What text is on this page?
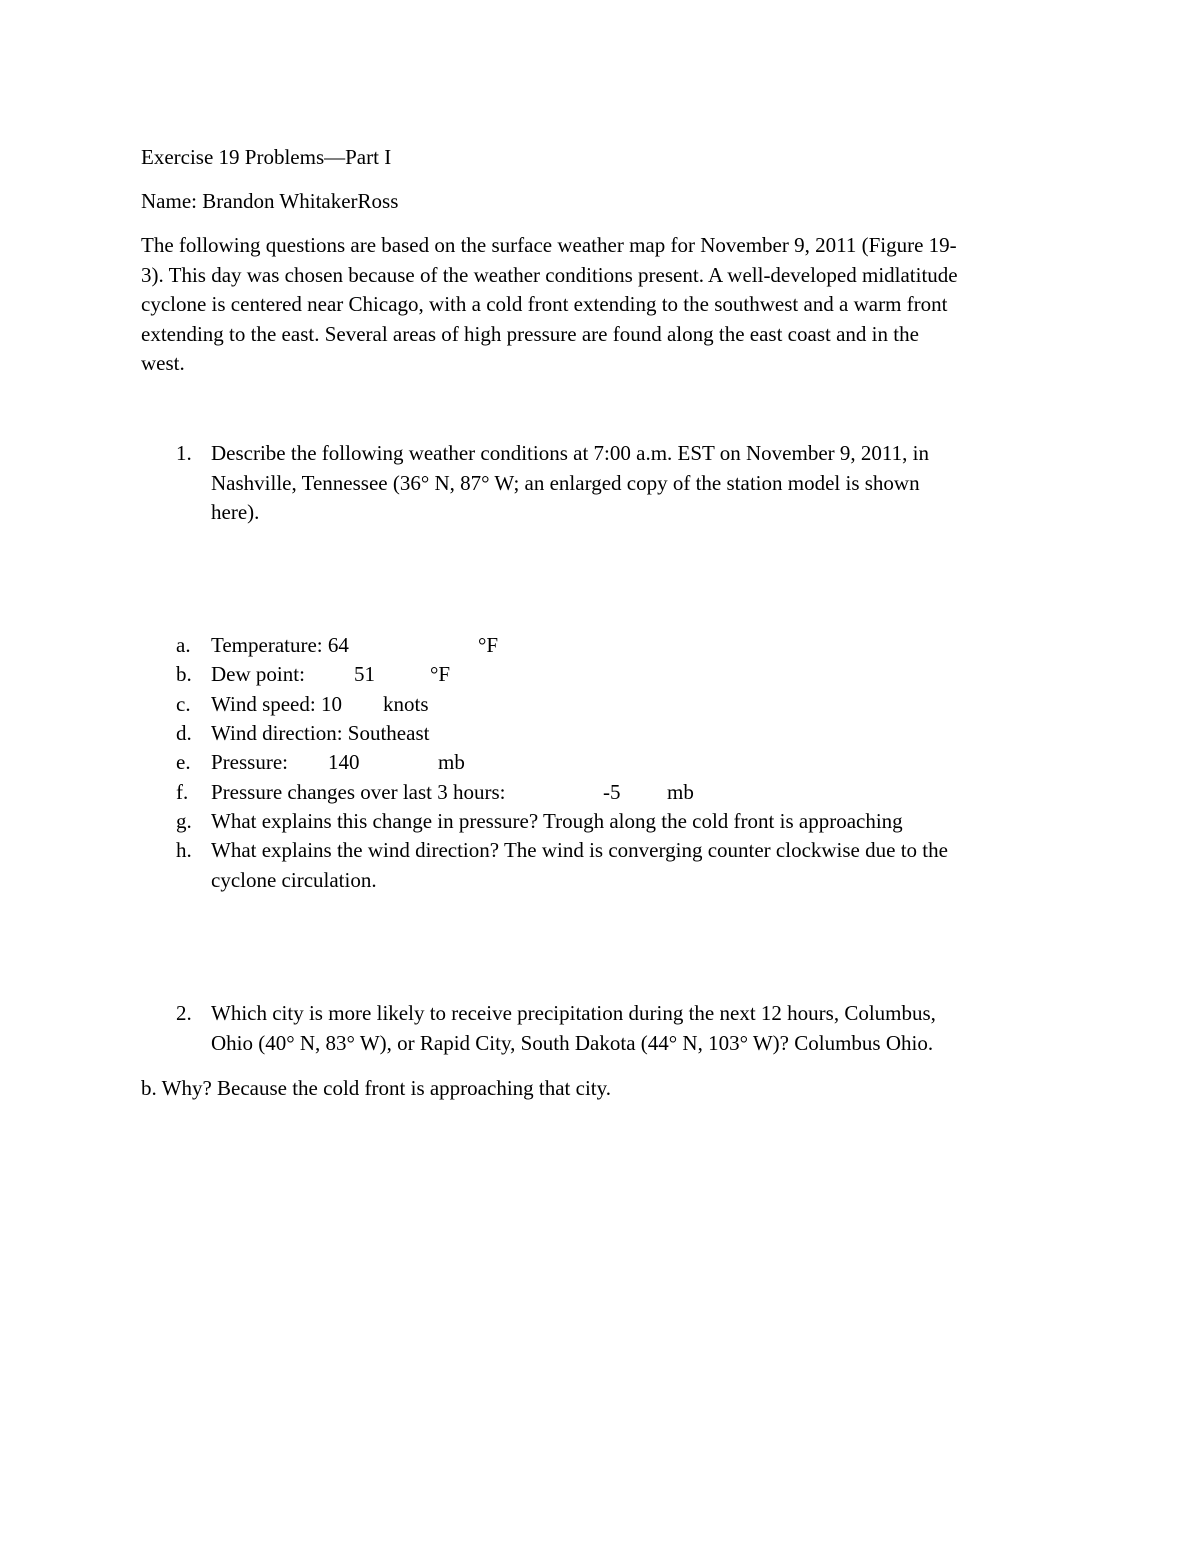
Exercise 19 Problems—Part I
Name: Brandon WhitakerRoss
The following questions are based on the surface weather map for November 9, 2011 (Figure 19-
3). This day was chosen because of the weather conditions present. A well-developed midlatitude
cyclone is centered near Chicago, with a cold front extending to the southwest and a warm front
extending to the east. Several areas of high pressure are found along the east coast and in the
west.
1. Describe the following weather conditions at 7:00 a.m. EST on November 9, 2011, in
Nashville, Tennessee (36° N, 87° W; an enlarged copy of the station model is shown
here).
a. Temperature: 64	°F
b. Dew point: 51	°F
c. Wind speed: 10 knots
d. Wind direction: Southeast
e. Pressure: 140	mb
f. Pressure changes over last 3 hours:	-5 mb
g. What explains this change in pressure? Trough along the cold front is approaching
h. What explains the wind direction? The wind is converging counter clockwise due to the
cyclone circulation.
2. Which city is more likely to receive precipitation during the next 12 hours, Columbus,
Ohio (40° N, 83° W), or Rapid City, South Dakota (44° N, 103° W)? Columbus Ohio.
b. Why? Because the cold front is approaching that city.
